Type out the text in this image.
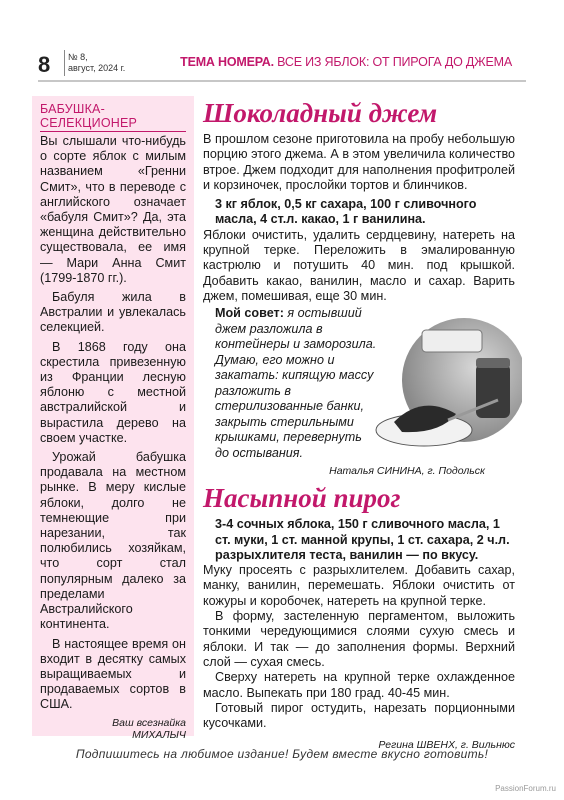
8 № 8,
август, 2024 г.	ТЕМА НОМЕРА. ВСЕ ИЗ ЯБЛОК: ОТ ПИРОГА ДО ДЖЕМА
БАБУШКА-
СЕЛЕКЦИОНЕР

Вы слышали что-нибудь о сорте яблок с милым названием «Гренни Смит», что в переводе с английского означает «бабуля Смит»? Да, эта женщина действительно существовала, ее имя — Мари Анна Смит (1799-1870 гг.).

Бабуля жила в Австралии и увлекалась селекцией.

В 1868 году она скрестила привезенную из Франции лесную яблоню с местной австралийской и вырастила дерево на своем участке.

Урожай бабушка продавала на местном рынке. В меру кислые яблоки, долго не темнеющие при нарезании, так полюбились хозяйкам, что сорт стал популярным далеко за пределами Австралийского континента.

В настоящее время он входит в десятку самых выращиваемых и продаваемых сортов в США.

Ваш всезнайка
МИХАЛЫЧ
Шоколадный джем

В прошлом сезоне приготовила на пробу небольшую порцию этого джема. А в этом увеличила количество втрое. Джем подходит для наполнения профитролей и корзиночек, прослойки тортов и блинчиков.

3 кг яблок, 0,5 кг сахара, 100 г сливочного масла, 4 ст.л. какао, 1 г ванилина.

Яблоки очистить, удалить сердцевину, натереть на крупной терке. Переложить в эмалированную кастрюлю и потушить 40 мин. под крышкой. Добавить какао, ванилин, масло и сахар. Варить джем, помешивая, еще 30 мин.

Мой совет: я остывший джем разложила в контейнеры и заморозила. Думаю, его можно и закатать: кипящую массу разложить в стерилизованные банки, закрыть стерильными крышками, перевернуть до остывания.
Наталья СИНИНА, г. Подольск
Насыпной пирог

3-4 сочных яблока, 150 г сливочного масла, 1 ст. муки, 1 ст. манной крупы, 1 ст. сахара, 2 ч.л. разрыхлителя теста, ванилин — по вкусу.

Муку просеять с разрыхлителем. Добавить сахар, манку, ванилин, перемешать. Яблоки очистить от кожуры и коробочек, натереть на крупной терке.

В форму, застеленную пергаментом, выложить тонкими чередующимися слоями сухую смесь и яблоки. И так — до заполнения формы. Верхний слой — сухая смесь.

Сверху натереть на крупной терке охлажденное масло. Выпекать при 180 град. 40-45 мин.

Готовый пирог остудить, нарезать порционными кусочками.

Регина ШВЕНХ, г. Вильнюс
Подпишитесь на любимое издание! Будем вместе вкусно готовить!
PassionForum.ru
